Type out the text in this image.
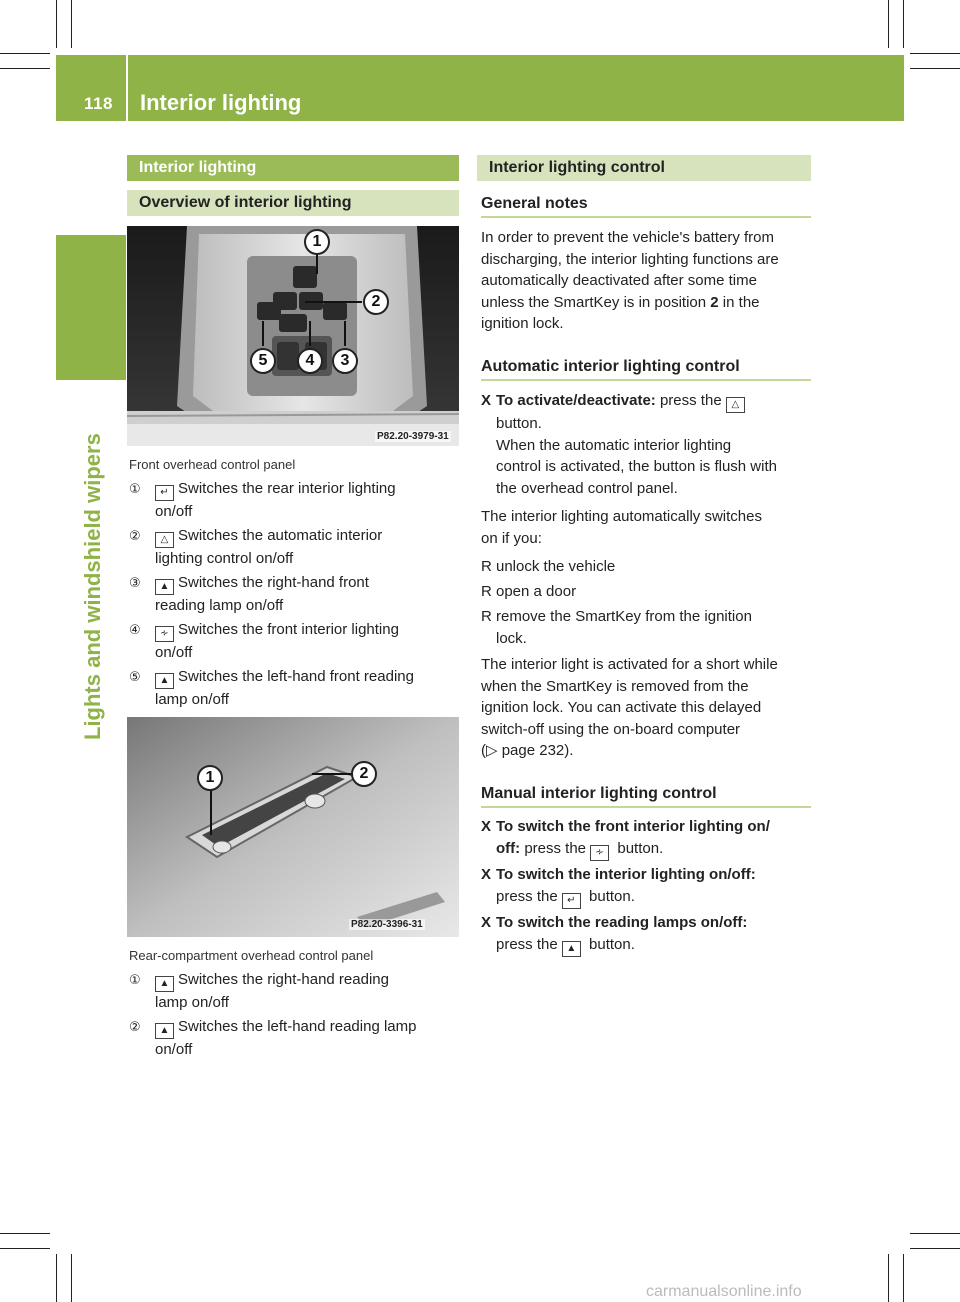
118 Interior lighting
Lights and windshield wipers
Interior lighting
Overview of interior lighting
1
2
3
4
5
P82.20-3979-31
Front overhead control panel
①	↵ Switches the rear interior lighting
on/off
②	△ Switches the automatic interior
lighting control on/off
③	▲ Switches the right-hand front
reading lamp on/off
④	∻ Switches the front interior lighting
on/off
⑤	▲ Switches the left-hand front reading
lamp on/off
1	2
P82.20-3396-31
Rear-compartment overhead control panel
①	▲ Switches the right-hand reading
lamp on/off
②	▲ Switches the left-hand reading lamp
on/off
Interior lighting control
General notes
In order to prevent the vehicle's battery from
discharging, the interior lighting functions are
automatically deactivated after some time
unless the SmartKey is in position 2 in the
ignition lock.
Automatic interior lighting control
X To activate/deactivate: press the △
button.
When the automatic interior lighting
control is activated, the button is flush with
the overhead control panel.
The interior lighting automatically switches
on if you:
R unlock the vehicle
R open a door
R remove the SmartKey from the ignition
lock.
The interior light is activated for a short while
when the SmartKey is removed from the
ignition lock. You can activate this delayed
switch-off using the on-board computer
(▷ page 232).
Manual interior lighting control
X To switch the front interior lighting on/
off: press the ∻ button.
X To switch the interior lighting on/off:
press the ↵ button.
X To switch the reading lamps on/off:
press the ▲ button.
carmanualsonline.info
